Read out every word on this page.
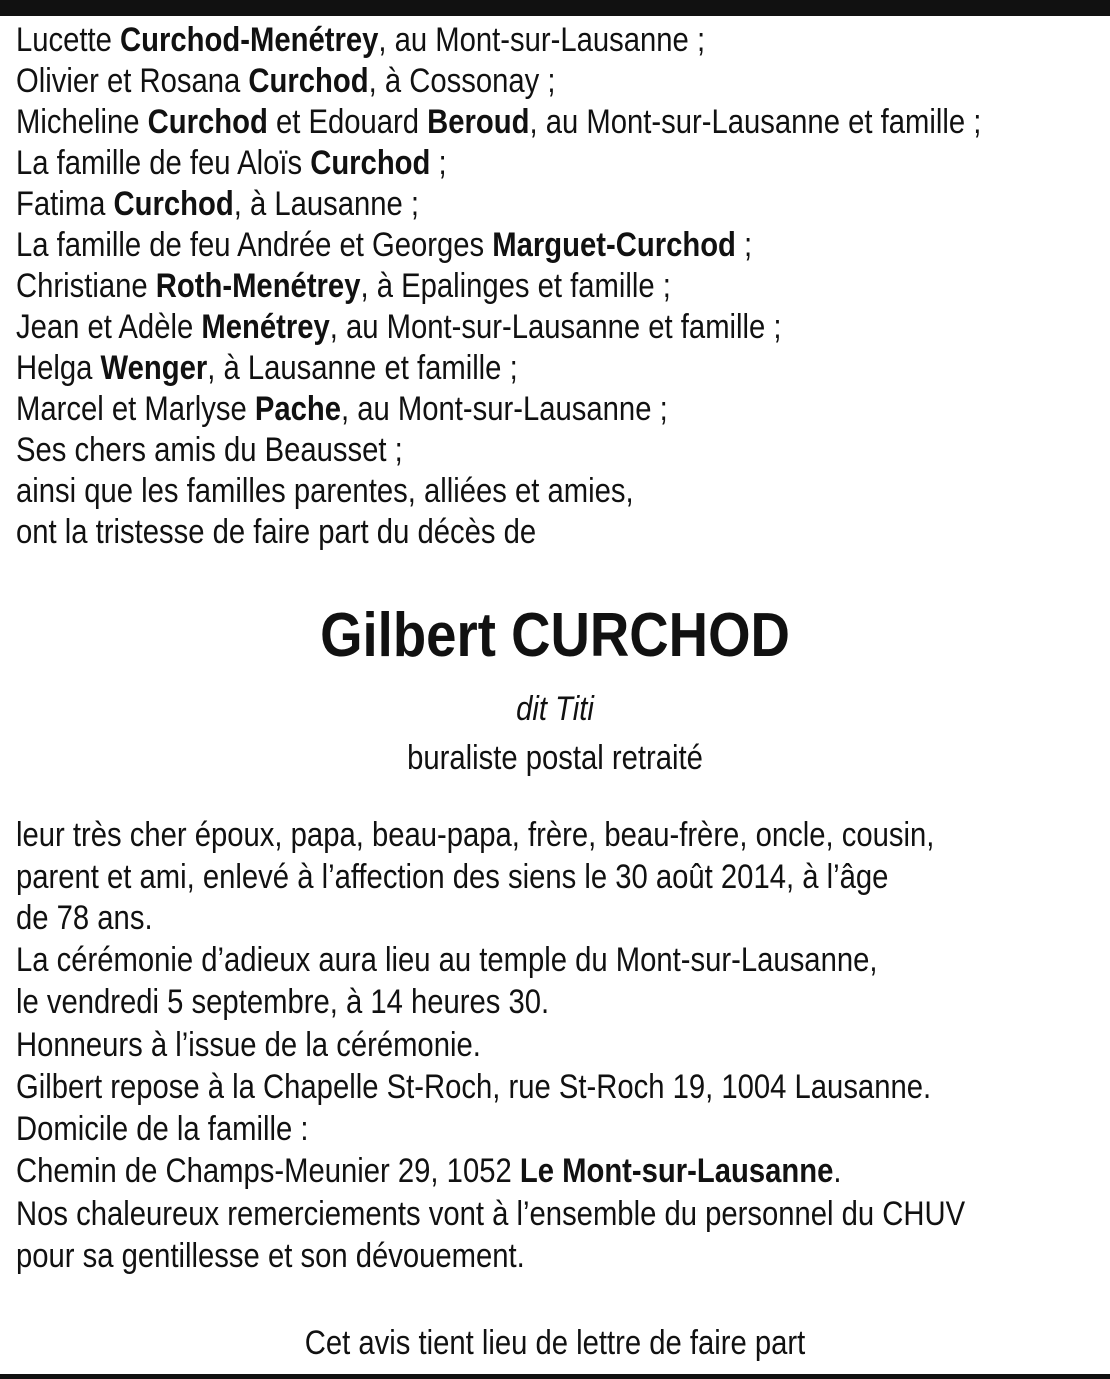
Lucette Curchod-Menétrey, au Mont-sur-Lausanne ;
Olivier et Rosana Curchod, à Cossonay ;
Micheline Curchod et Edouard Beroud, au Mont-sur-Lausanne et famille ;
La famille de feu Aloïs Curchod ;
Fatima Curchod, à Lausanne ;
La famille de feu Andrée et Georges Marguet-Curchod ;
Christiane Roth-Menétrey, à Epalinges et famille ;
Jean et Adèle Menétrey, au Mont-sur-Lausanne et famille ;
Helga Wenger, à Lausanne et famille ;
Marcel et Marlyse Pache, au Mont-sur-Lausanne ;
Ses chers amis du Beausset ;
ainsi que les familles parentes, alliées et amies,
ont la tristesse de faire part du décès de
Gilbert CURCHOD
dit Titi
buraliste postal retraité
leur très cher époux, papa, beau-papa, frère, beau-frère, oncle, cousin,
parent et ami, enlevé à l’affection des siens le 30 août 2014, à l’âge
de 78 ans.
La cérémonie d’adieux aura lieu au temple du Mont-sur-Lausanne,
le vendredi 5 septembre, à 14 heures 30.
Honneurs à l’issue de la cérémonie.
Gilbert repose à la Chapelle St-Roch, rue St-Roch 19, 1004 Lausanne.
Domicile de la famille :
Chemin de Champs-Meunier 29, 1052 Le Mont-sur-Lausanne.
Nos chaleureux remerciements vont à l’ensemble du personnel du CHUV
pour sa gentillesse et son dévouement.
Cet avis tient lieu de lettre de faire part
